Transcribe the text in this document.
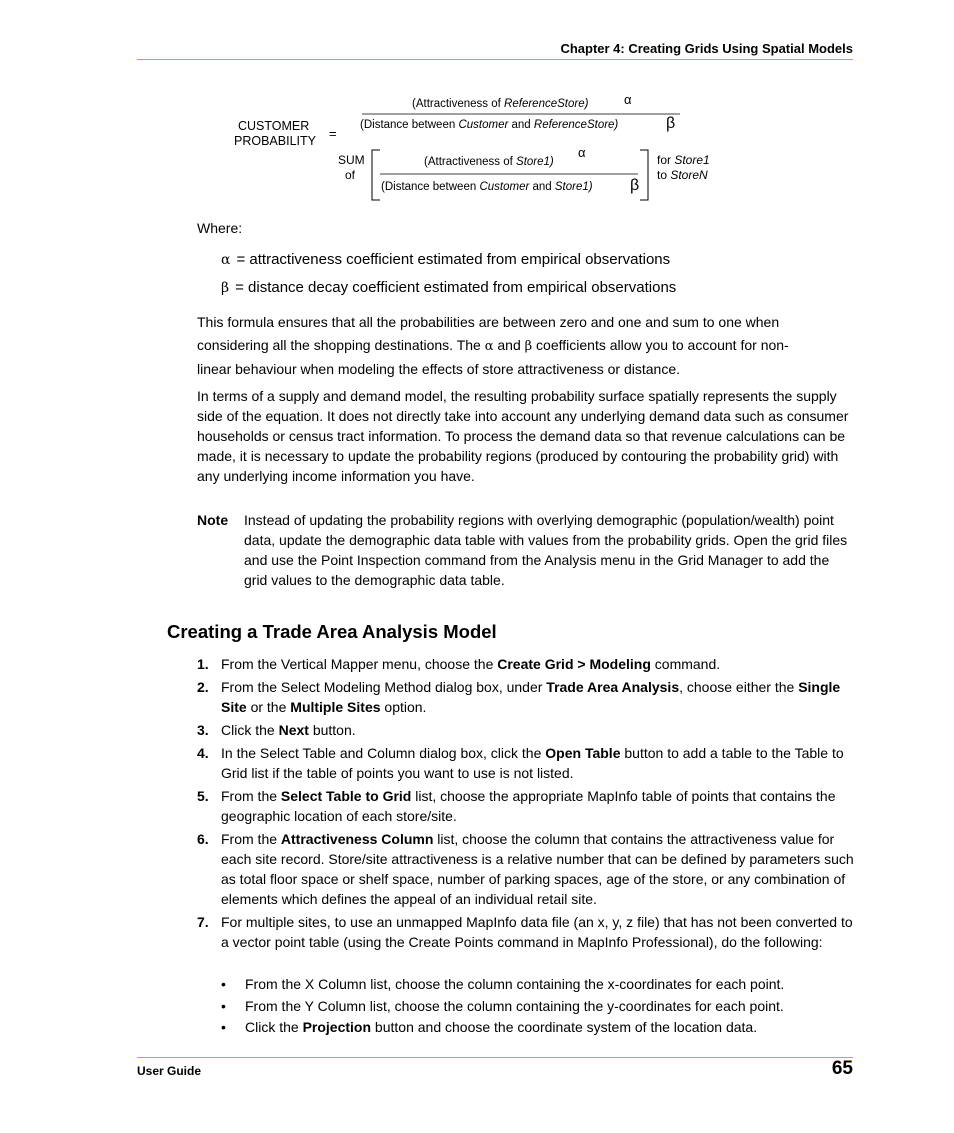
Chapter 4: Creating Grids Using Spatial Models
CUSTOMER
PROBABILITY =
(Attractiveness of ReferenceStore)	α
(Distance between Customer and ReferenceStore)	β
SUM
of
(Attractiveness of Store1)
α
(Distance between Customer and Store1) β
for Store1
to StoreN
Where:
α = attractiveness coefficient estimated from empirical observations
β = distance decay coefficient estimated from empirical observations
This formula ensures that all the probabilities are between zero and one and sum to one when
considering all the shopping destinations. The α and β coefficients allow you to account for non-
linear behaviour when modeling the effects of store attractiveness or distance.
In terms of a supply and demand model, the resulting probability surface spatially represents the supply side of the equation. It does not directly take into account any underlying demand data such as consumer households or census tract information. To process the demand data so that revenue calculations can be made, it is necessary to update the probability regions (produced by contouring the probability grid) with any underlying income information you have.
Note Instead of updating the probability regions with overlying demographic (population/wealth) point data, update the demographic data table with values from the probability grids. Open the grid files and use the Point Inspection command from the Analysis menu in the Grid Manager to add the grid values to the demographic data table.
Creating a Trade Area Analysis Model
1. From the Vertical Mapper menu, choose the Create Grid > Modeling command.
2. From the Select Modeling Method dialog box, under Trade Area Analysis, choose either the Single Site or the Multiple Sites option.
3. Click the Next button.
4. In the Select Table and Column dialog box, click the Open Table button to add a table to the Table to Grid list if the table of points you want to use is not listed.
5. From the Select Table to Grid list, choose the appropriate MapInfo table of points that contains the geographic location of each store/site.
6. From the Attractiveness Column list, choose the column that contains the attractiveness value for each site record. Store/site attractiveness is a relative number that can be defined by parameters such as total floor space or shelf space, number of parking spaces, age of the store, or any combination of elements which defines the appeal of an individual retail site.
7. For multiple sites, to use an unmapped MapInfo data file (an x, y, z file) that has not been converted to a vector point table (using the Create Points command in MapInfo Professional), do the following:
• From the X Column list, choose the column containing the x-coordinates for each point.
• From the Y Column list, choose the column containing the y-coordinates for each point.
• Click the Projection button and choose the coordinate system of the location data.
User Guide	65
